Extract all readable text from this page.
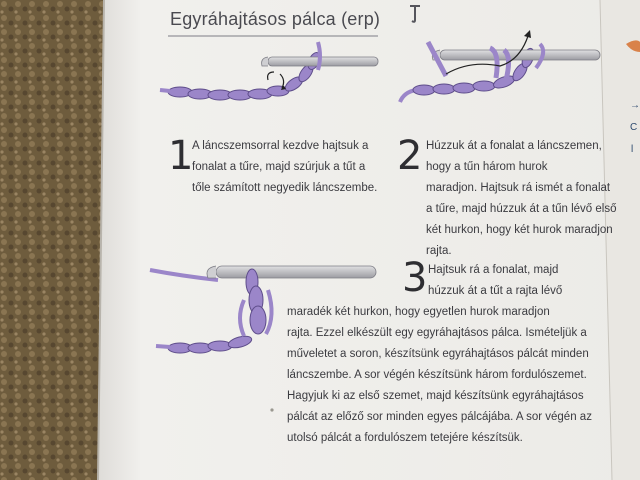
Egyráhajtásos pálca (erp)
1
A láncszemsorral kezdve hajtsuk a
fonalat a tűre, majd szúrjuk a tűt a
tőle számított negyedik láncszembe.
2 Húzzuk át a fonalat a láncszemen,
hogy a tűn három hurok
maradjon. Hajtsuk rá ismét a fonalat
a tűre, majd húzzuk át a tűn lévő első
két hurkon, hogy két hurok maradjon
rajta.
3 Hajtsuk rá a fonalat, majd
húzzuk át a tűt a rajta lévő
maradék két hurkon, hogy egyetlen hurok maradjon
rajta. Ezzel elkészült egy egyráhajtásos pálca. Ismételjük a
műveletet a soron, készítsünk egyráhajtásos pálcát minden
láncszembe. A sor végén készítsünk három fordulószemet.
Hagyjuk ki az első szemet, majd készítsünk egyráhajtásos
pálcát az előző sor minden egyes pálcájába. A sor végén az
utolsó pálcát a fordulószem tetejére készítsük.
→
C
l
